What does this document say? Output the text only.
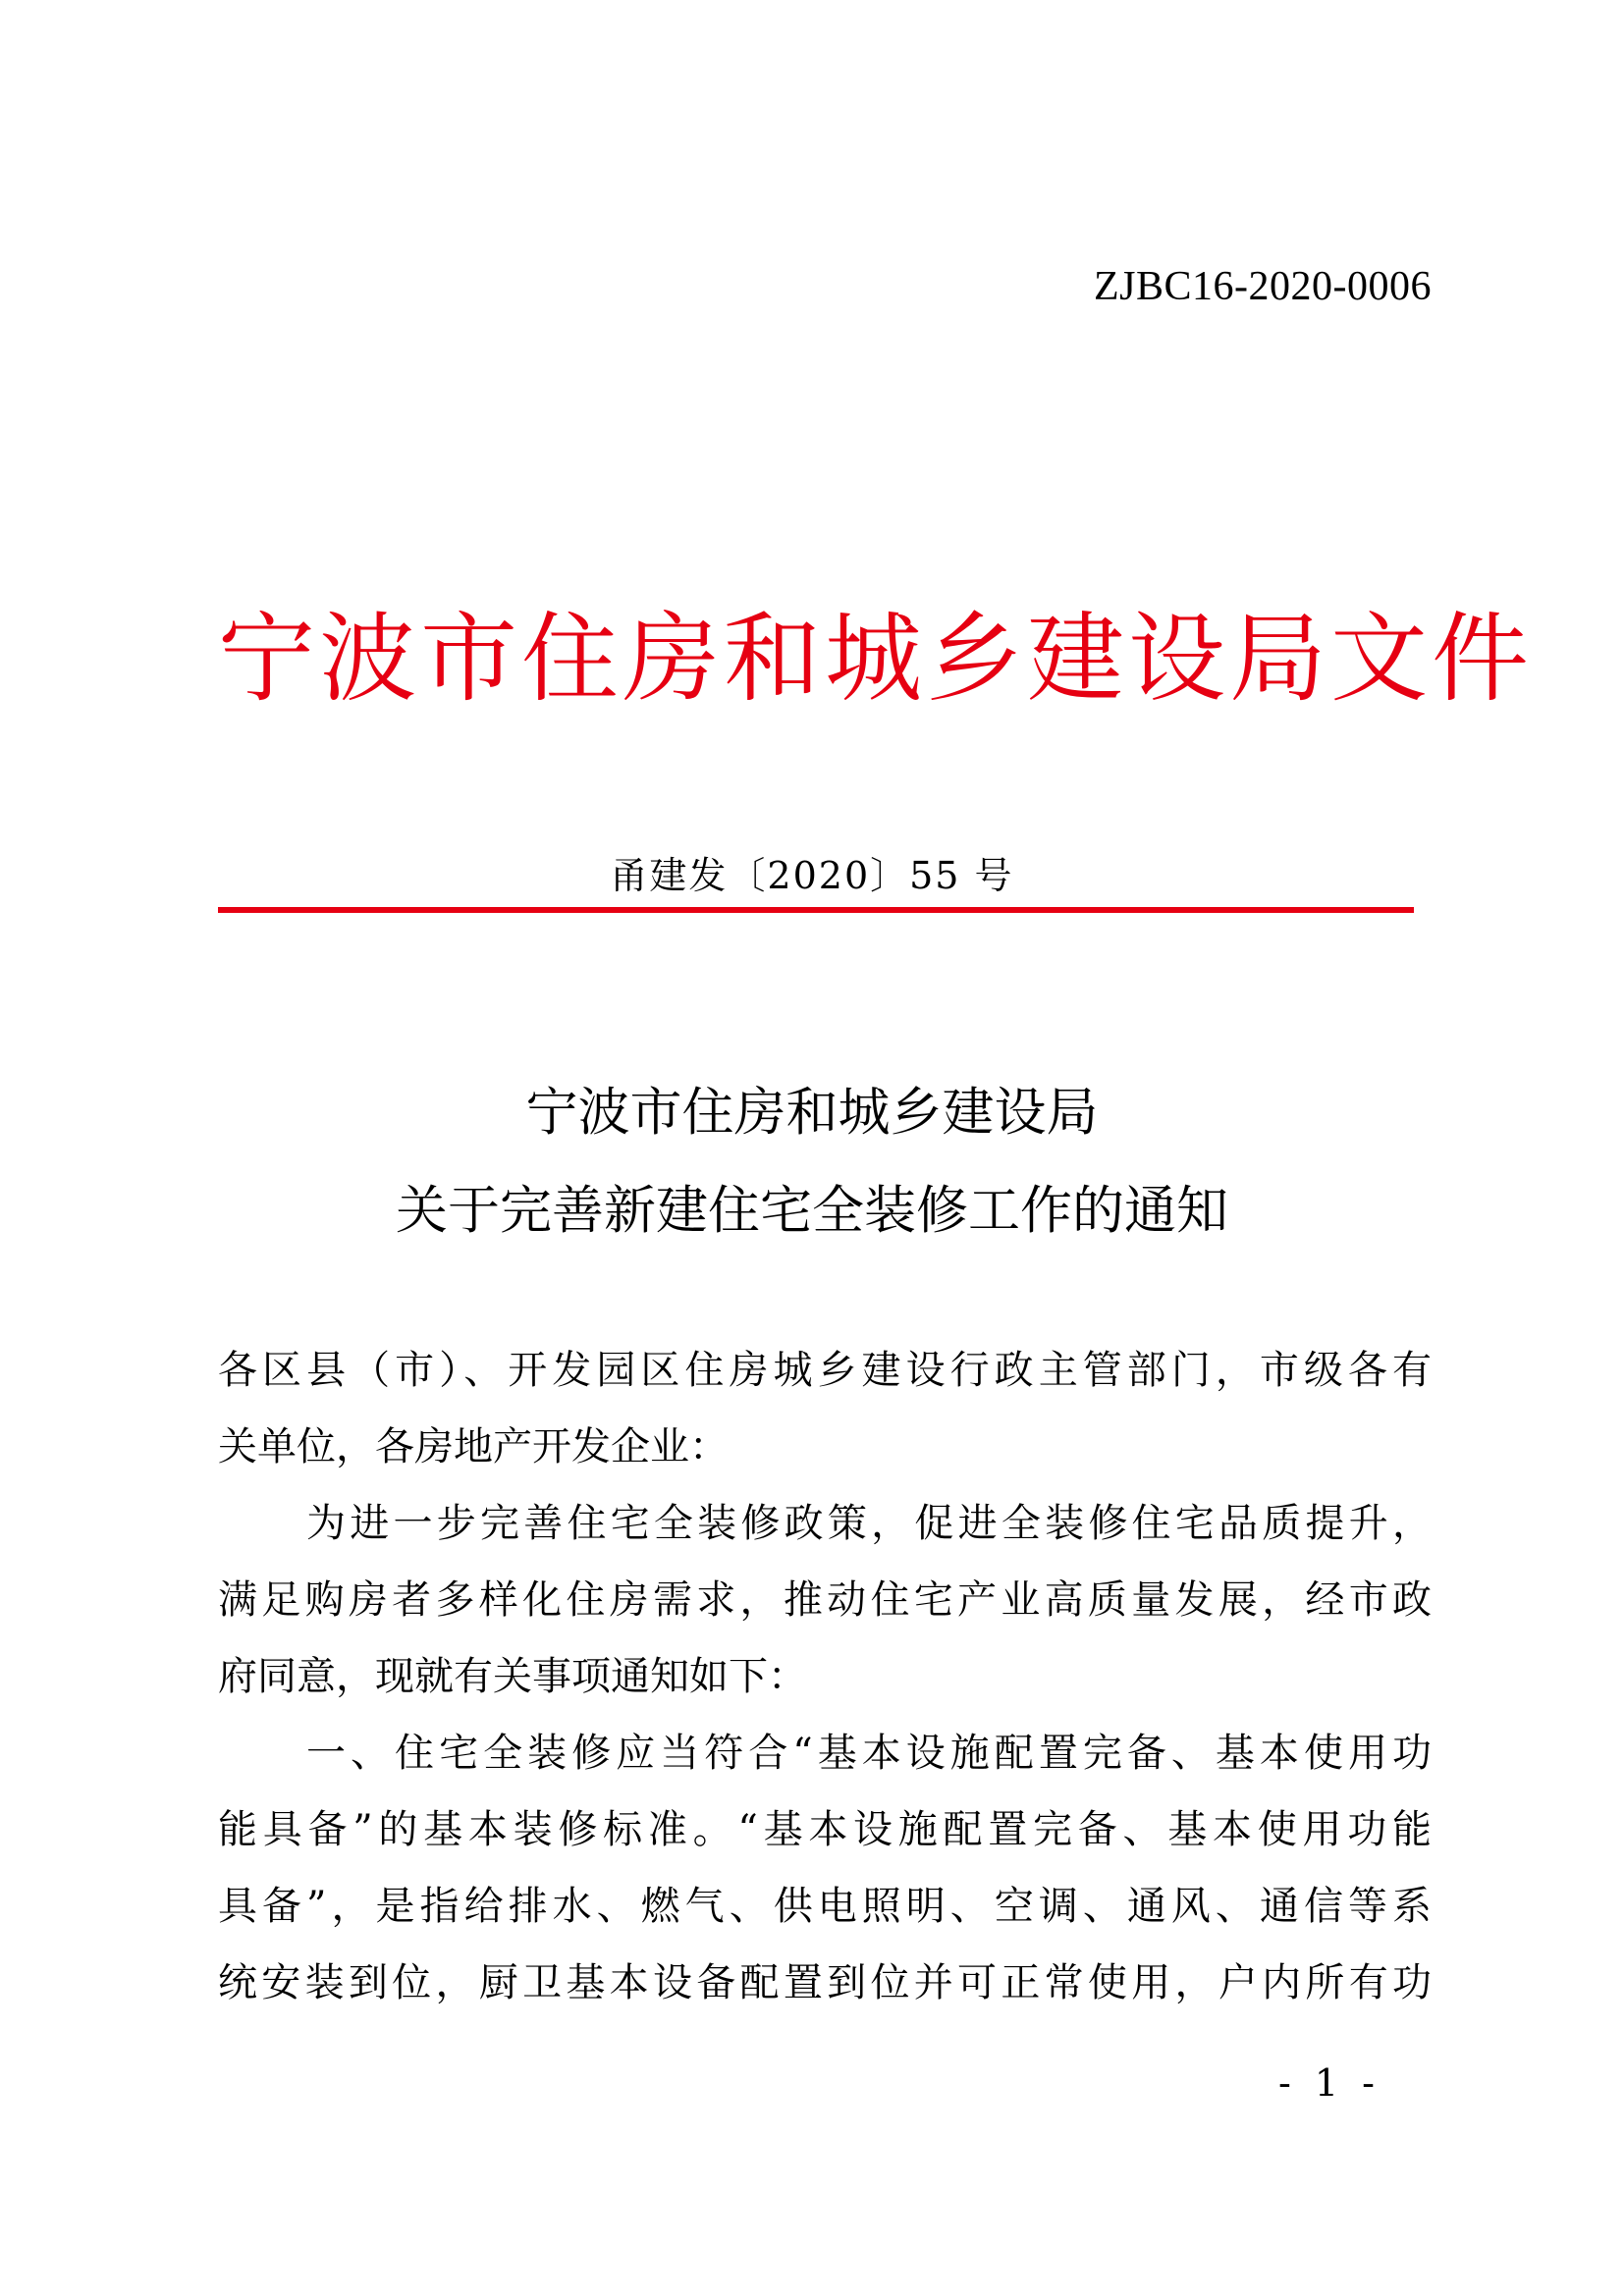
ZJBC16-2020-0006
宁波市住房和城乡建设局文件
甬建发〔2020〕55 号
宁波市住房和城乡建设局
关于完善新建住宅全装修工作的通知
各区县（市）、开发园区住房城乡建设行政主管部门，市级各有
关单位，各房地产开发企业：
为进一步完善住宅全装修政策，促进全装修住宅品质提升，
满足购房者多样化住房需求，推动住宅产业高质量发展，经市政
府同意，现就有关事项通知如下：
一、住宅全装修应当符合“基本设施配置完备、基本使用功
能具备”的基本装修标准。“基本设施配置完备、基本使用功能
具备”，是指给排水、燃气、供电照明、空调、通风、通信等系
统安装到位，厨卫基本设备配置到位并可正常使用，户内所有功
- 1 -
